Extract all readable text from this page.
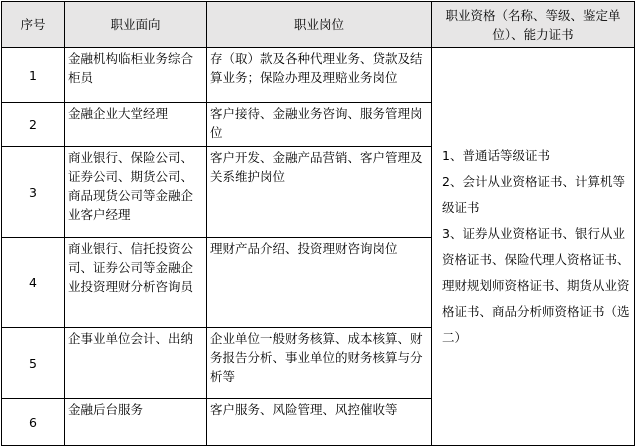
序号	职业面向	职业岗位	职业资格（名称、等级、鉴定单位）、能力证书
1	金融机构临柜业务综合柜员	存（取）款及各种代理业务、贷款及结算业务；保险办理及理赔业务岗位	1、普通话等级证书
2、会计从业资格证书、计算机等级证书
3、证券从业资格证书、银行从业资格证书、保险代理人资格证书、理财规划师资格证书、期货从业资格证书、商品分析师资格证书（选二）

2	金融企业大堂经理	客户接待、金融业务咨询、服务管理岗位	
3	商业银行、保险公司、证券公司、期货公司、商品现货公司等金融企业客户经理	客户开发、金融产品营销、客户管理及关系维护岗位	
4	商业银行、信托投资公司、证券公司等金融企业投资理财分析咨询员	理财产品介绍、投资理财咨询岗位	
5	企事业单位会计、出纳	企业单位一般财务核算、成本核算、财务报告分析、事业单位的财务核算与分析等	
6	金融后台服务	客户服务、风险管理、风控催收等	
